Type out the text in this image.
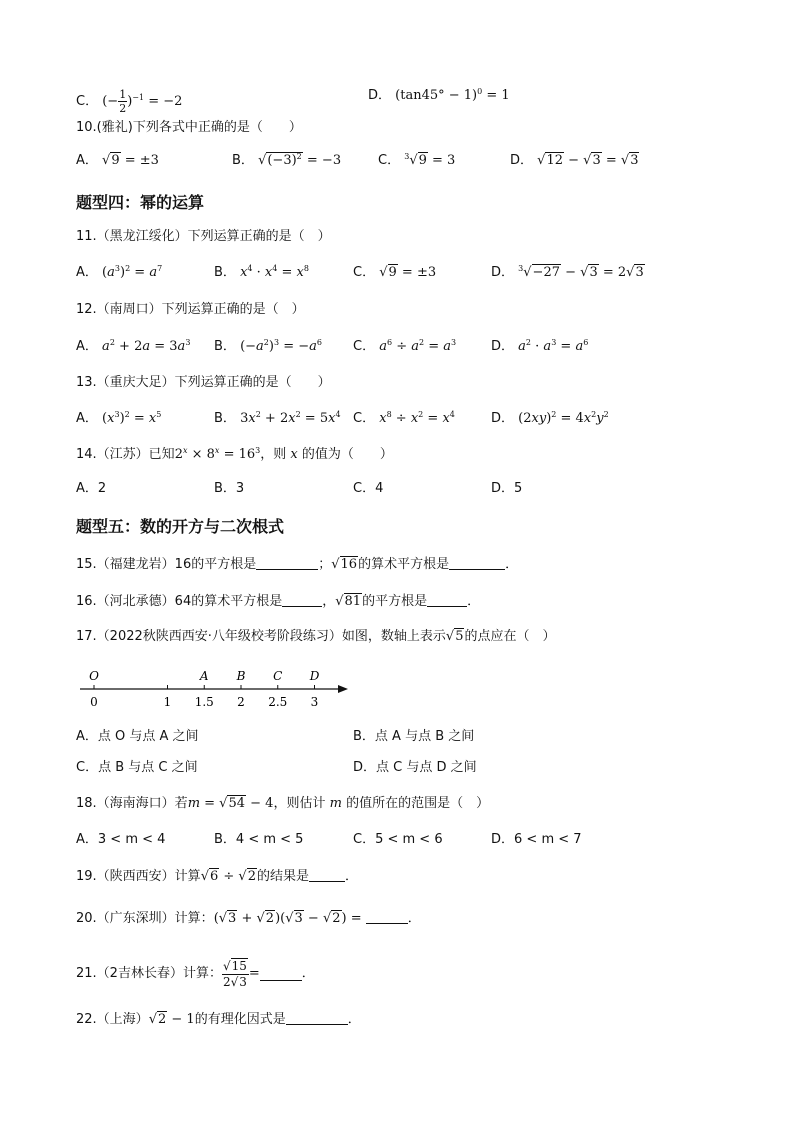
C． (− $\frac{1}{2} )^{-1} = -2$	D． $(\tan 45^\circ - 1)^0 = 1$
10.(雅礼)下列各式中正确的是（　　）
A． √9 = ±3	B． $√(-3)^2 = -3$	C． $^3$√9 = 3	D． √12 − √3 = √3
题型四：幂的运算
11.（黑龙江绥化）下列运算正确的是（　）
A． $(a^3)^2 = a^7$	B． $x^4 \cdot x^4 = x^8$	C． √9 = ±3	D． $^3$√−27 − √3 = 2√3
12.（南周口）下列运算正确的是（　）
A． $a^2 + 2a = 3a^3$ B． $(-a^2)^3 = -a^6$ C． $a^6 \div a^2 = a^3$	D． $a^2 \cdot a^3 = a^6$
13.（重庆大足）下列运算正确的是（　　）
A． $(x^3)^2 = x^5$	B． $3x^2 + 2x^2 = 5x^4$ C． $x^8 \div x^2 = x^4$	D． $(2xy)^2 = 4x^2y^2$
14.（江苏）已知$2^x \times 8^x = 16^3$，则 x 的值为（　　）
A．2	B．3	C．4	D．5
题型五：数的开方与二次根式
15.（福建龙岩）16的平方根是	；√16的算术平方根是	．
16.（河北承德）64的算术平方根是	，√81的平方根是	．
17.（2022秋陕西西安·八年级校考阶段练习）如图，数轴上表示√5的点应在（　）
0	1 1.5 2 2.5 3
O	A B C D
A．点 O 与点 A 之间	B．点 A 与点 B 之间
C．点 B 与点 C 之间	D．点 C 与点 D 之间
18.（海南海口）若m = √54 − 4，则估计 m 的值所在的范围是（　）
A．3 < m < 4	B．4 < m < 5	C．5 < m < 6	D．6 < m < 7
19.（陕西西安）计算√6 ÷ √2的结果是	．
20.（广东深圳）计算：(√3 + √2)(√3 − √2) =	．
21.（2吉林长春）计算： $\frac{√15}{2√3}$ =	．
22.（上海）√2 − 1的有理化因式是	．
